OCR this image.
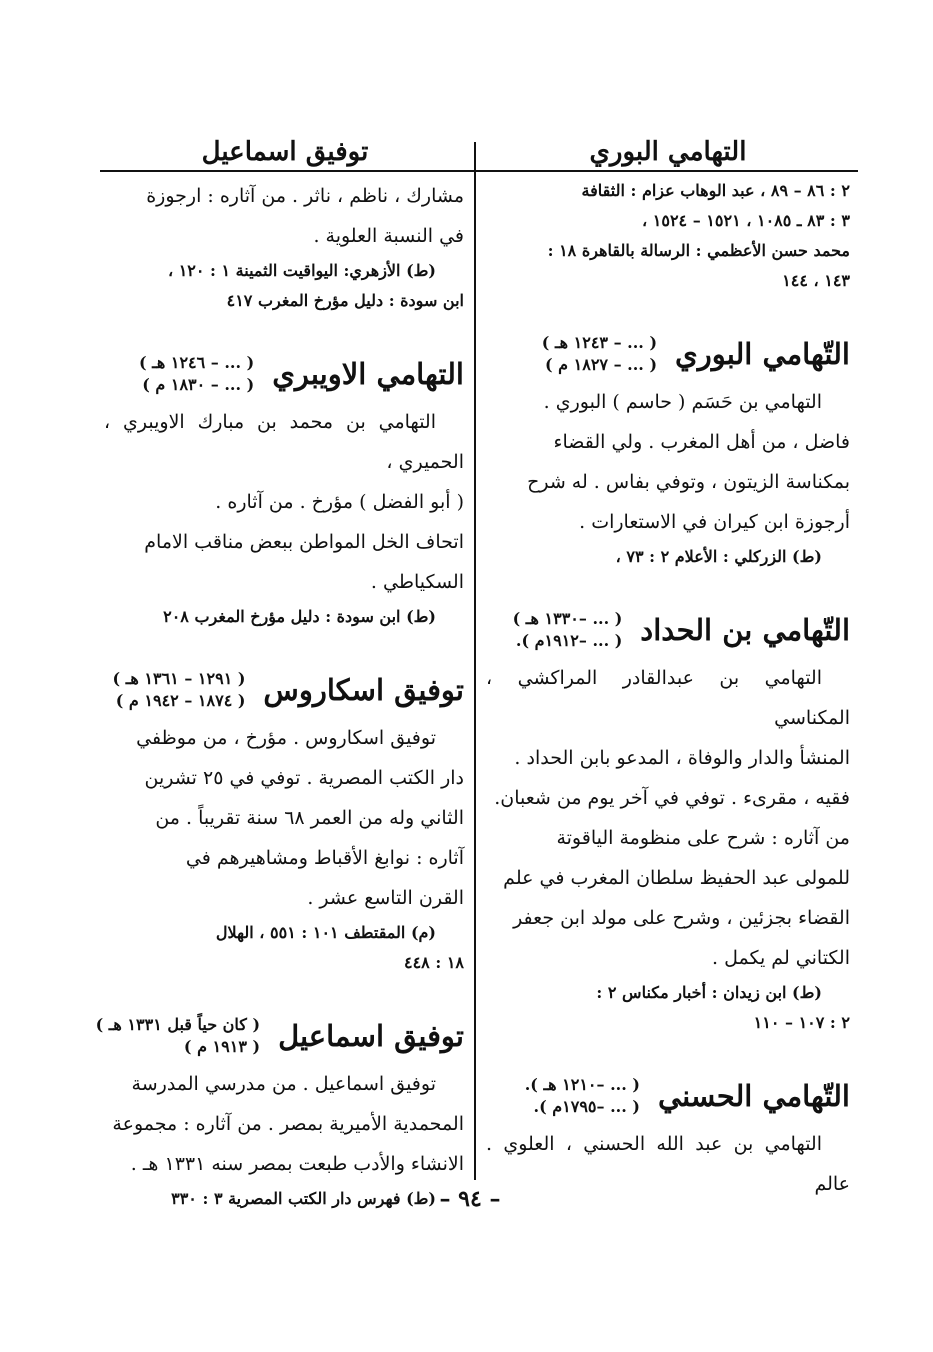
التهامي البوري
توفيق اسماعيل
٢ : ٨٦ – ٨٩ ، عبد الوهاب عزام : الثقافة
٣ : ٨٣ ـ ١٠٨٥ ، ١٥٢١ – ١٥٢٤ ،
محمد حسن الأعظمي : الرسالة بالقاهرة ١٨ :
١٤٣ ، ١٤٤
التّهامي البوري
( ... – ١٢٤٣ هـ )
( ... – ١٨٢٧ م )
التهامي بن حَسَم ( حاسم ) البوري .
فاضل ، من أهل المغرب . ولي القضاء
بمكناسة الزيتون ، وتوفي بفاس . له شرح
أرجوزة ابن كيران في الاستعارات .
(ط) الزركلي : الأعلام ٢ : ٧٣ ،
التّهامي بن الحداد
( ... –١٣٣٠ هـ )
( ... –١٩١٢م ).
التهامي بن عبدالقادر المراكشي ، المكناسي
المنشأ والدار والوفاة ، المدعو بابن الحداد .
فقيه ، مقرىء . توفي في آخر يوم من شعبان.
من آثاره : شرح على منظومة الياقوتة
للمولى عبد الحفيظ سلطان المغرب في علم
القضاء بجزئين ، وشرح على مولد ابن جعفر
الكتاني لم يكمل .
(ط) ابن زيدان : أخبار مكناس ٢ :
٢ : ١٠٧ – ١١٠
التّهامي الحسني
( ... –١٢١٠ هـ ).
( ... –١٧٩٥م ).
التهامي بن عبد الله الحسني ، العلوي . عالم
مشارك ، ناظم ، ناثر . من آثاره : ارجوزة
في النسبة العلوية .
(ط) الأزهري: اليواقيت الثمينة ١ : ١٢٠ ،
ابن سودة : دليل مؤرخ المغرب ٤١٧
التهامي الاويبري
( ... – ١٢٤٦ هـ )
( ... – ١٨٣٠ م )
التهامي بن محمد بن مبارك الاويبري ، الحميري ،
( أبو الفضل ) مؤرخ . من آثاره .
اتحاف الخل المواطن ببعض مناقب الامام
السكياطي .
(ط) ابن سودة : دليل مؤرخ المغرب ٢٠٨
توفيق اسكاروس
( ١٢٩١ – ١٣٦١ هـ )
( ١٨٧٤ – ١٩٤٢ م )
توفيق اسكاروس . مؤرخ ، من موظفي
دار الكتب المصرية . توفي في ٢٥ تشرين
الثاني وله من العمر ٦٨ سنة تقريباً . من
آثاره : نوابغ الأقباط ومشاهيرهم في
القرن التاسع عشر .
(م) المقتطف ١٠١ : ٥٥١ ، الهلال
١٨ : ٤٤٨
توفيق اسماعيل
( كان حياً قبل ١٣٣١ هـ )
( ١٩١٣ م )
توفيق اسماعيل . من مدرسي المدرسة
المحمدية الأميرية بمصر . من آثاره : مجموعة
الانشاء والأدب طبعت بمصر سنه ١٣٣١ هـ .
(ط) فهرس دار الكتب المصرية ٣ : ٣٣٠ – ٩٤ –
